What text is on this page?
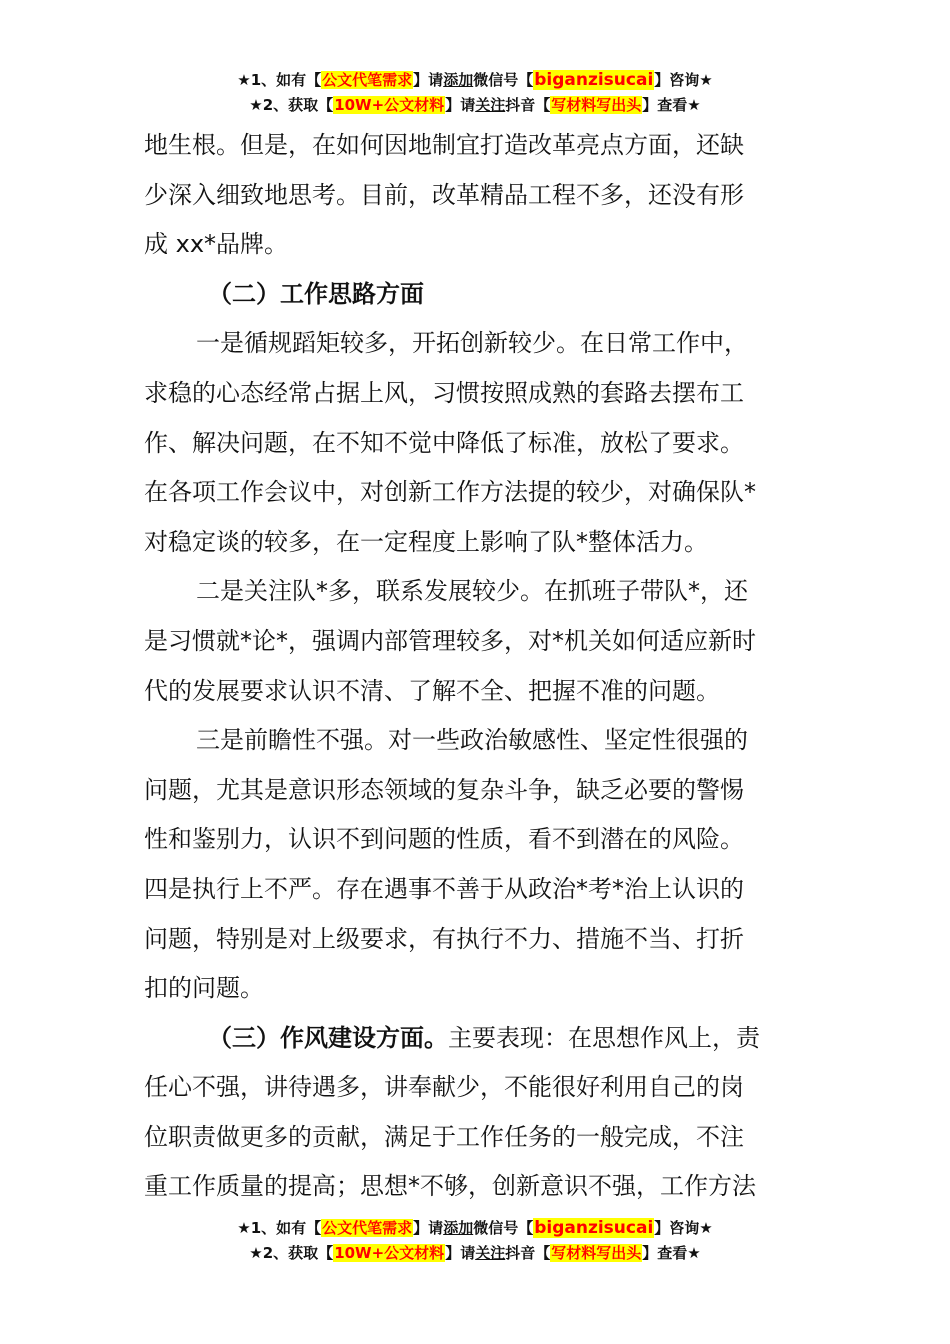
★1、如有【公文代笔需求】请添加微信号【biganzisucai】咨询★
★2、获取【10W+公文材料】请关注抖音【写材料写出头】查看★

地生根。但是，在如何因地制宜打造改革亮点方面，还缺

少深入细致地思考。目前，改革精品工程不多，还没有形

成 xx*品牌。

（二）工作思路方面

一是循规蹈矩较多，开拓创新较少。在日常工作中，

求稳的心态经常占据上风，习惯按照成熟的套路去摆布工

作、解决问题，在不知不觉中降低了标准，放松了要求。

在各项工作会议中，对创新工作方法提的较少，对确保队*

对稳定谈的较多，在一定程度上影响了队*整体活力。

二是关注队*多，联系发展较少。在抓班子带队*，还

是习惯就*论*，强调内部管理较多，对*机关如何适应新时

代的发展要求认识不清、了解不全、把握不准的问题。

三是前瞻性不强。对一些政治敏感性、坚定性很强的

问题，尤其是意识形态领域的复杂斗争，缺乏必要的警惕

性和鉴别力，认识不到问题的性质，看不到潜在的风险。

四是执行上不严。存在遇事不善于从政治*考*治上认识的

问题，特别是对上级要求，有执行不力、措施不当、打折

扣的问题。

（三）作风建设方面。主要表现：在思想作风上，责

任心不强，讲待遇多，讲奉献少，不能很好利用自己的岗

位职责做更多的贡献，满足于工作任务的一般完成，不注

重工作质量的提高；思想*不够，创新意识不强，工作方法

★1、如有【公文代笔需求】请添加微信号【biganzisucai】咨询★
★2、获取【10W+公文材料】请关注抖音【写材料写出头】查看★
